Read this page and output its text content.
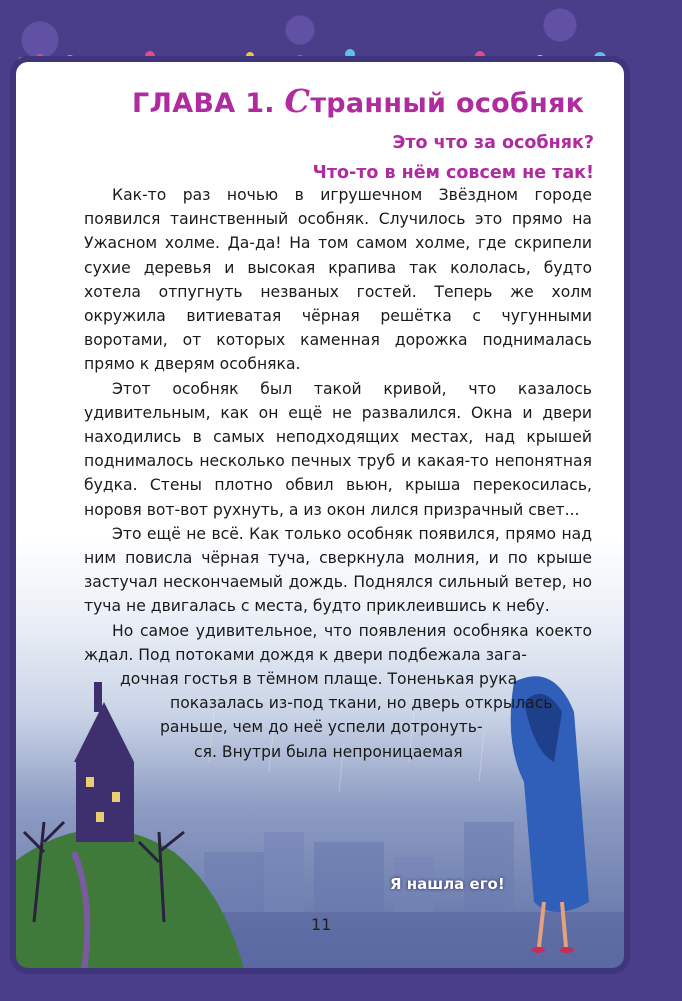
ГЛАВА 1. Странный особняк
Это что за особняк?
Что-то в нём совсем не так!

Как-то раз ночью в игрушечном Звёздном городе появился таинственный особняк. Случилось это прямо на Ужасном холме. Да-да! На том самом холме, где скрипели сухие деревья и высокая крапива так кололась, будто хотела отпугнуть незваных гостей. Теперь же холм окружила витиеватая чёрная решётка с чугунными воротами, от которых каменная дорожка поднималась прямо к дверям особняка.

Этот особняк был такой кривой, что казалось удивительным, как он ещё не развалился. Окна и двери находились в самых неподходящих местах, над крышей поднималось несколько печных труб и какая-то непонятная будка. Стены плотно обвил вьюн, крыша перекосилась, норовя вот-вот рухнуть, а из окон лился призрачный свет...

Это ещё не всё. Как только особняк появился, прямо над ним повисла чёрная туча, сверкнула молния, и по крыше застучал нескончаемый дождь. Поднялся сильный ветер, но туча не двигалась с места, будто приклеившись к небу.

Но самое удивительное, что появления особняка коекто ждал. Под потоками дождя к двери подбежала зага-

дочная гостья в тёмном плаще. Тоненькая рука

показалась из-под ткани, но дверь открылась

раньше, чем до неё успели дотронуть-

ся. Внутри была непроницаемая

Я нашла его!
11
